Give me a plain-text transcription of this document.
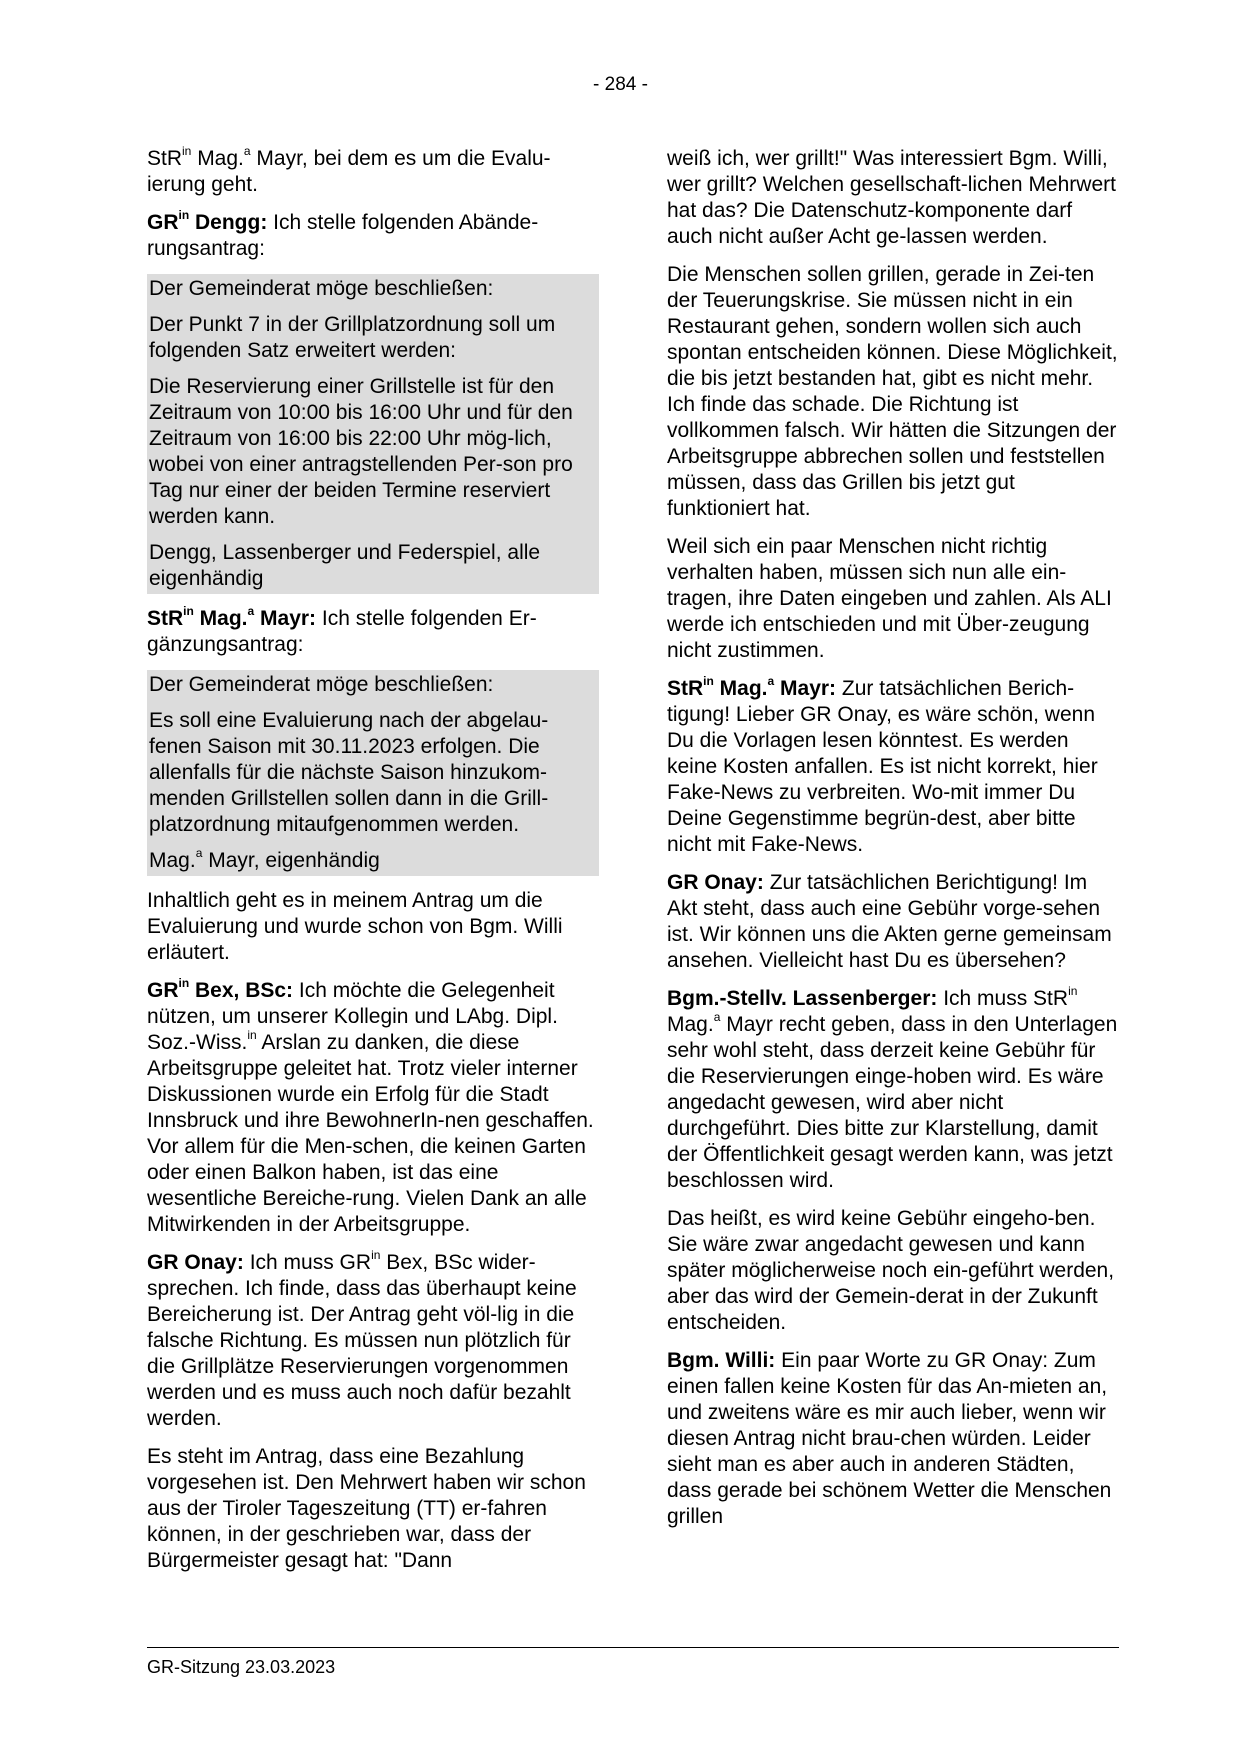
- 284 -

StR$^{in}$ Mag.$^a$ Mayr, bei dem es um die Evalu-ierung geht.

$GR^{in}$ Dengg: Ich stelle folgenden Abände-rungsantrag:

Der Gemeinderat möge beschließen:

Der Punkt 7 in der Grillplatzordnung soll um folgenden Satz erweitert werden:

Die Reservierung einer Grillstelle ist für den Zeitraum von 10:00 bis 16:00 Uhr und für den Zeitraum von 16:00 bis 22:00 Uhr mög-lich, wobei von einer antragstellenden Per-son pro Tag nur einer der beiden Termine reserviert werden kann.

Dengg, Lassenberger und Federspiel, alle eigenhändig

StR$^{in}$ Mag.$^a$ Mayr: Ich stelle folgenden Er-gänzungsantrag:

Der Gemeinderat möge beschließen:

Es soll eine Evaluierung nach der abgelau-fenen Saison mit 30.11.2023 erfolgen. Die allenfalls für die nächste Saison hinzukom-menden Grillstellen sollen dann in die Grill-platzordnung mitaufgenommen werden.

Mag.$^a$ Mayr, eigenhändig

Inhaltlich geht es in meinem Antrag um die Evaluierung und wurde schon von Bgm. Willi erläutert.

$GR^{in}$ Bex, BSc: Ich möchte die Gelegenheit nützen, um unserer Kollegin und LAbg. Dipl. Soz.-Wiss.$^{in}$ Arslan zu danken, die diese Arbeitsgruppe geleitet hat. Trotz vieler interner Diskussionen wurde ein Erfolg für die Stadt Innsbruck und ihre BewohnerIn-nen geschaffen. Vor allem für die Men-schen, die keinen Garten oder einen Balkon haben, ist das eine wesentliche Bereiche-rung. Vielen Dank an alle Mitwirkenden in der Arbeitsgruppe.

GR Onay: Ich muss $GR^{in}$ Bex, BSc wider-sprechen. Ich finde, dass das überhaupt keine Bereicherung ist. Der Antrag geht völ-lig in die falsche Richtung. Es müssen nun plötzlich für die Grillplätze Reservierungen vorgenommen werden und es muss auch noch dafür bezahlt werden.

Es steht im Antrag, dass eine Bezahlung vorgesehen ist. Den Mehrwert haben wir schon aus der Tiroler Tageszeitung (TT) er-fahren können, in der geschrieben war, dass der Bürgermeister gesagt hat: "Dann

weiß ich, wer grillt!" Was interessiert Bgm. Willi, wer grillt? Welchen gesellschaft-lichen Mehrwert hat das? Die Datenschutz-komponente darf auch nicht außer Acht ge-lassen werden.

Die Menschen sollen grillen, gerade in Zei-ten der Teuerungskrise. Sie müssen nicht in ein Restaurant gehen, sondern wollen sich auch spontan entscheiden können. Diese Möglichkeit, die bis jetzt bestanden hat, gibt es nicht mehr. Ich finde das schade. Die Richtung ist vollkommen falsch. Wir hätten die Sitzungen der Arbeitsgruppe abbrechen sollen und feststellen müssen, dass das Grillen bis jetzt gut funktioniert hat.

Weil sich ein paar Menschen nicht richtig verhalten haben, müssen sich nun alle ein-tragen, ihre Daten eingeben und zahlen. Als ALI werde ich entschieden und mit Über-zeugung nicht zustimmen.

StR$^{in}$ Mag.$^a$ Mayr: Zur tatsächlichen Berich-tigung! Lieber GR Onay, es wäre schön, wenn Du die Vorlagen lesen könntest. Es werden keine Kosten anfallen. Es ist nicht korrekt, hier Fake-News zu verbreiten. Wo-mit immer Du Deine Gegenstimme begrün-dest, aber bitte nicht mit Fake-News.

GR Onay: Zur tatsächlichen Berichtigung! Im Akt steht, dass auch eine Gebühr vorge-sehen ist. Wir können uns die Akten gerne gemeinsam ansehen. Vielleicht hast Du es übersehen?

Bgm.-Stellv. Lassenberger: Ich muss StR$^{in}$ Mag.$^a$ Mayr recht geben, dass in den Unterlagen sehr wohl steht, dass derzeit keine Gebühr für die Reservierungen einge-hoben wird. Es wäre angedacht gewesen, wird aber nicht durchgeführt. Dies bitte zur Klarstellung, damit der Öffentlichkeit gesagt werden kann, was jetzt beschlossen wird.

Das heißt, es wird keine Gebühr eingeho-ben. Sie wäre zwar angedacht gewesen und kann später möglicherweise noch ein-geführt werden, aber das wird der Gemein-derat in der Zukunft entscheiden.

Bgm. Willi: Ein paar Worte zu GR Onay: Zum einen fallen keine Kosten für das An-mieten an, und zweitens wäre es mir auch lieber, wenn wir diesen Antrag nicht brau-chen würden. Leider sieht man es aber auch in anderen Städten, dass gerade bei schönem Wetter die Menschen grillen

GR-Sitzung 23.03.2023
